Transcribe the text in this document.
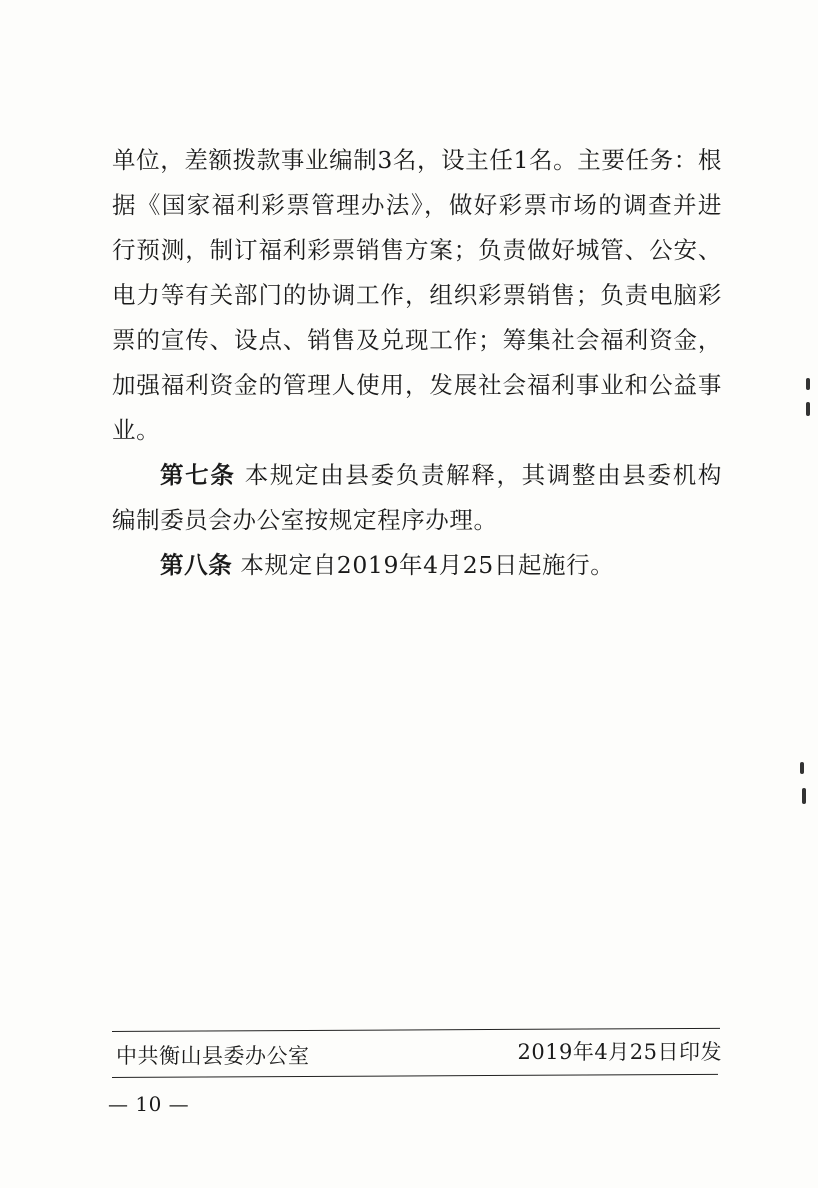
单位，差额拨款事业编制3名，设主任1名。主要任务：根据《国家福利彩票管理办法》，做好彩票市场的调查并进行预测，制订福利彩票销售方案；负责做好城管、公安、电力等有关部门的协调工作，组织彩票销售；负责电脑彩票的宣传、设点、销售及兑现工作；筹集社会福利资金，加强福利资金的管理人使用，发展社会福利事业和公益事业。

第七条 本规定由县委负责解释，其调整由县委机构编制委员会办公室按规定程序办理。

第八条 本规定自2019年4月25日起施行。

中共衡山县委办公室	2019年4月25日印发
— 10 —
